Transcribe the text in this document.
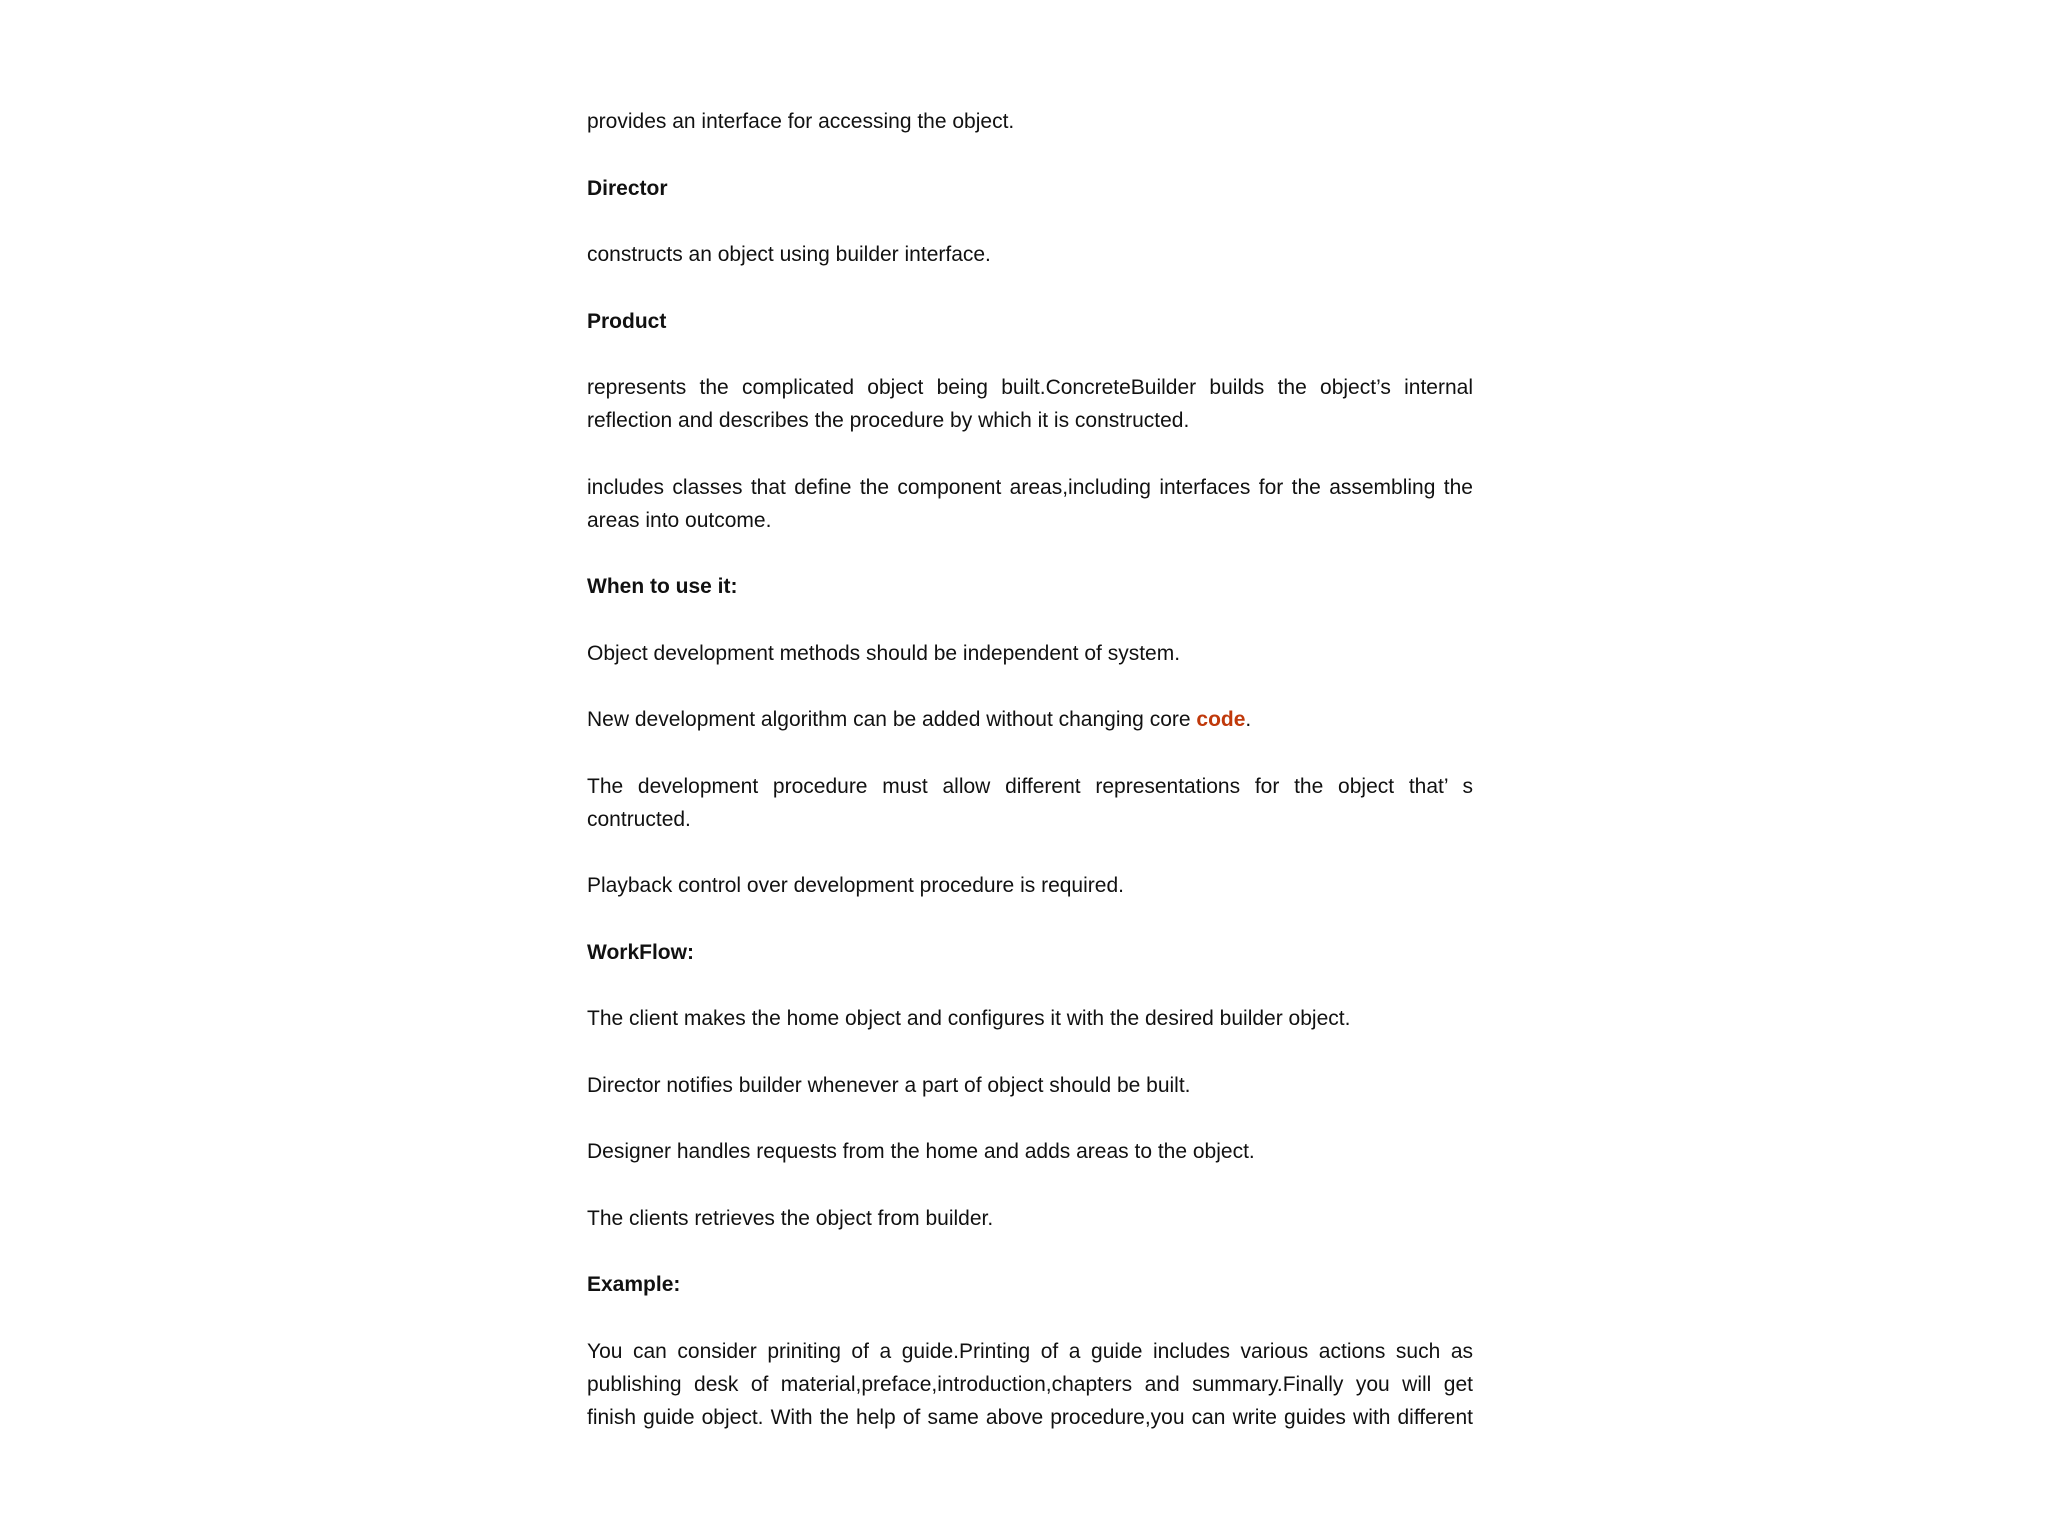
provides an interface for accessing the object.

Director

constructs an object using builder interface.

Product

represents the complicated object being built.ConcreteBuilder builds the object’s internal reflection and describes the procedure by which it is constructed.

includes classes that define the component areas,including interfaces for the assembling the areas into outcome.

When to use it:

Object development methods should be independent of system.

New development algorithm can be added without changing core code.

The development procedure must allow different representations for the object that’ s contructed.

Playback control over development procedure is required.

WorkFlow:

The client makes the home object and configures it with the desired builder object.

Director notifies builder whenever a part of object should be built.

Designer handles requests from the home and adds areas to the object.

The clients retrieves the object from builder.

Example:

You can consider priniting of a guide.Printing of a guide includes various actions such as publishing desk of material,preface,introduction,chapters and summary.Finally you will get finish guide object. With the help of same above procedure,you can write guides with different
